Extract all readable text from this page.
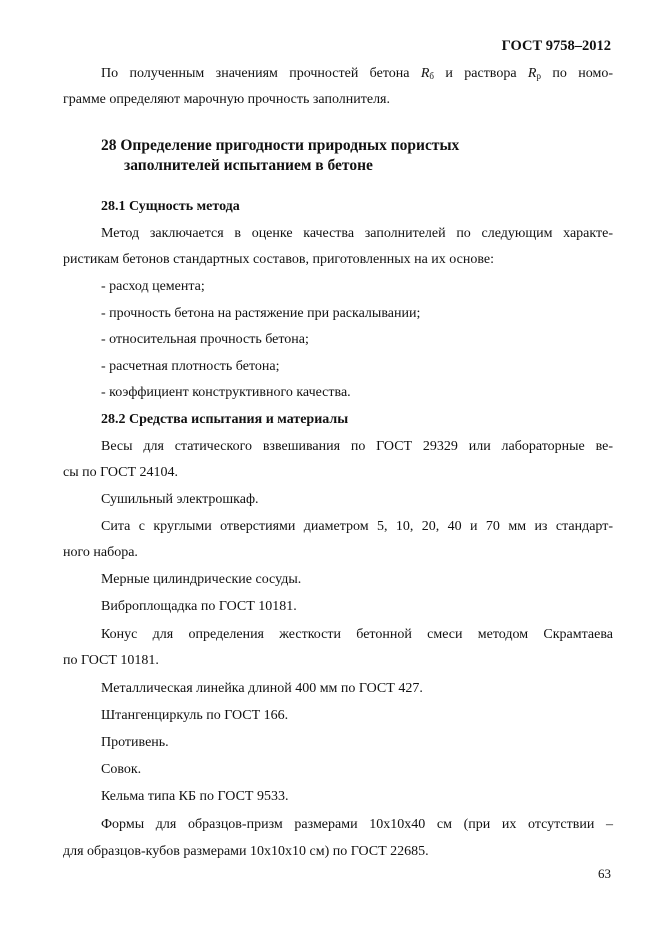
ГОСТ 9758–2012
По полученным значениям прочностей бетона $R_б$ и раствора $R_р$ по номо-
грамме определяют марочную прочность заполнителя.
28 Определение пригодности природных пористых
заполнителей испытанием в бетоне
28.1 Сущность метода
Метод заключается в оценке качества заполнителей по следующим характе-
ристикам бетонов стандартных составов, приготовленных на их основе:
- расход цемента;
- прочность бетона на растяжение при раскалывании;
- относительная прочность бетона;
- расчетная плотность бетона;
- коэффициент конструктивного качества.
28.2 Средства испытания и материалы
Весы для статического взвешивания по ГОСТ 29329 или лабораторные ве-
сы по ГОСТ 24104.
Сушильный электрошкаф.
Сита с круглыми отверстиями диаметром 5, 10, 20, 40 и 70 мм из стандарт-
ного набора.
Мерные цилиндрические сосуды.
Виброплощадка по ГОСТ 10181.
Конус для определения жесткости бетонной смеси методом Скрамтаева
по ГОСТ 10181.
Металлическая линейка длиной 400 мм по ГОСТ 427.
Штангенциркуль по ГОСТ 166.
Противень.
Совок.
Кельма типа КБ по ГОСТ 9533.
Формы для образцов-призм размерами 10х10х40 см (при их отсутствии –
для образцов-кубов размерами 10х10х10 см) по ГОСТ 22685.
63
